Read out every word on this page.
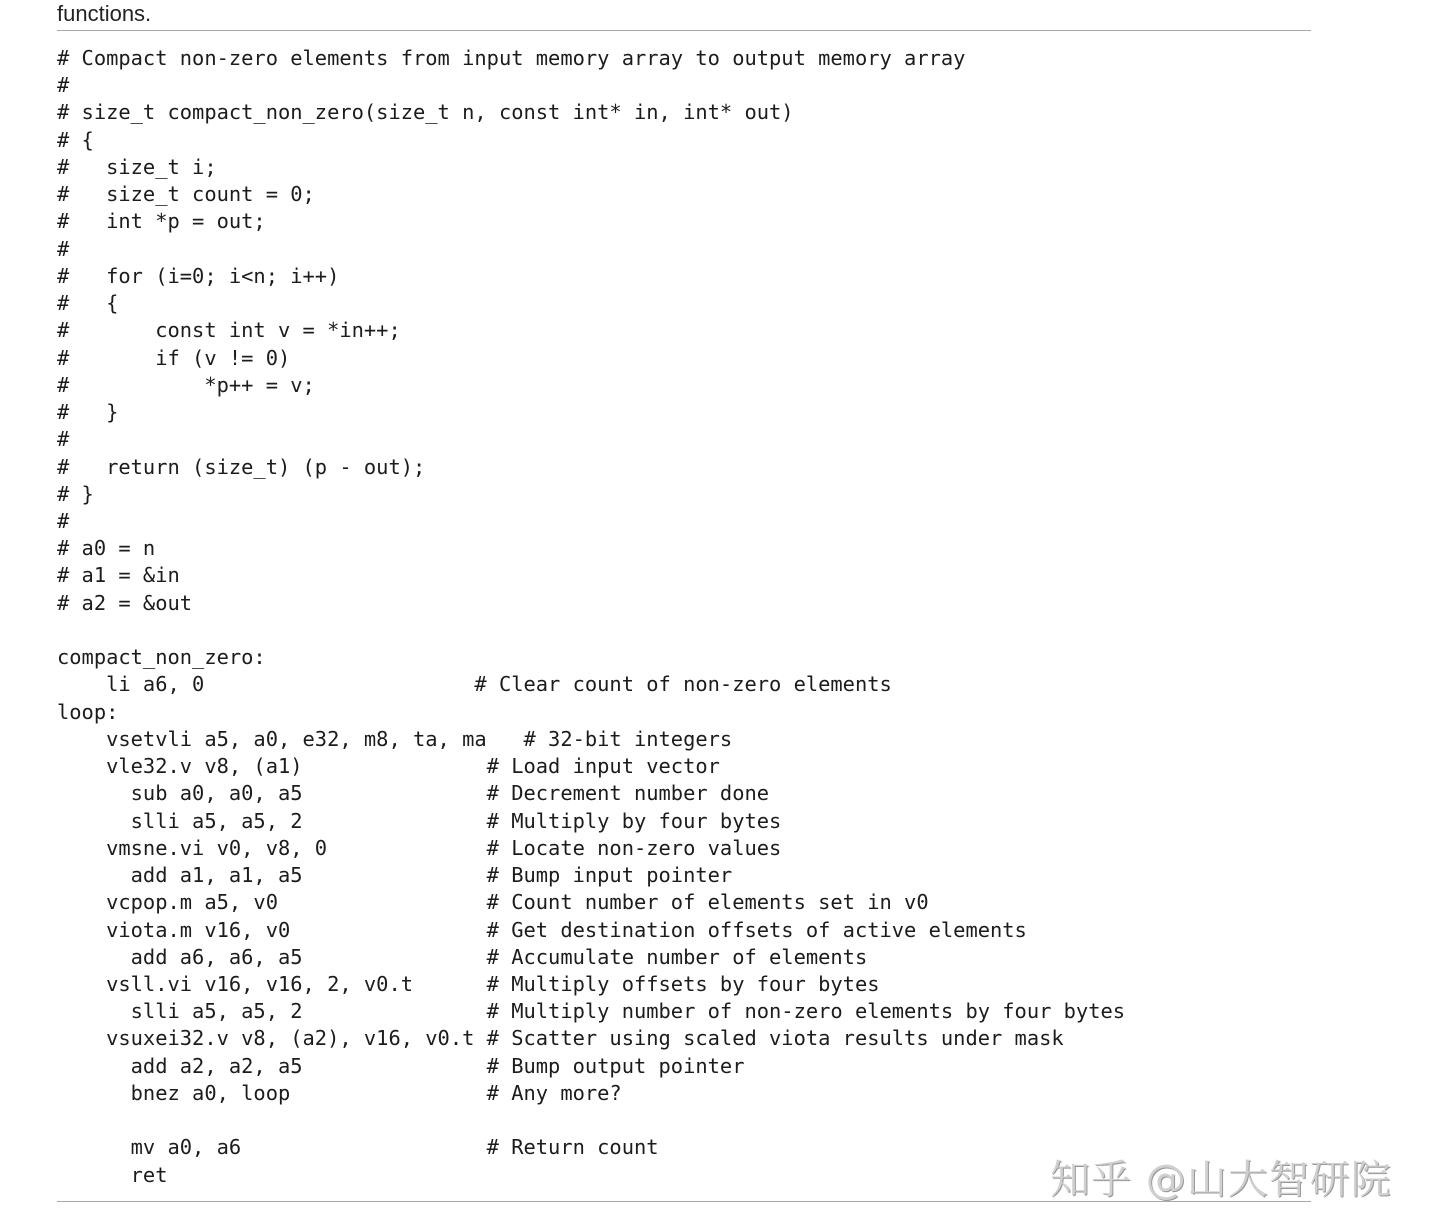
functions.

# Compact non-zero elements from input memory array to output memory array
#
# size_t compact_non_zero(size_t n, const int* in, int* out)
# {
#   size_t i;
#   size_t count = 0;
#   int *p = out;
#
#   for (i=0; i<n; i++)
#   {
#       const int v = *in++;
#       if (v != 0)
#           *p++ = v;
#   }
#
#   return (size_t) (p - out);
# }
#
# a0 = n
# a1 = &in
# a2 = &out
compact_non_zero:
li a6, 0                      # Clear count of non-zero elements
loop:
vsetvli a5, a0, e32, m8, ta, ma   # 32-bit integers
vle32.v v8, (a1)               # Load input vector
sub a0, a0, a5               # Decrement number done
slli a5, a5, 2               # Multiply by four bytes
vmsne.vi v0, v8, 0             # Locate non-zero values
add a1, a1, a5               # Bump input pointer
vcpop.m a5, v0                 # Count number of elements set in v0
viota.m v16, v0                # Get destination offsets of active elements
add a6, a6, a5               # Accumulate number of elements
vsll.vi v16, v16, 2, v0.t      # Multiply offsets by four bytes
slli a5, a5, 2               # Multiply number of non-zero elements by four bytes
vsuxei32.v v8, (a2), v16, v0.t # Scatter using scaled viota results under mask
add a2, a2, a5               # Bump output pointer
bnez a0, loop                # Any more?
mv a0, a6                    # Return count
ret	知乎 @山大智研院
